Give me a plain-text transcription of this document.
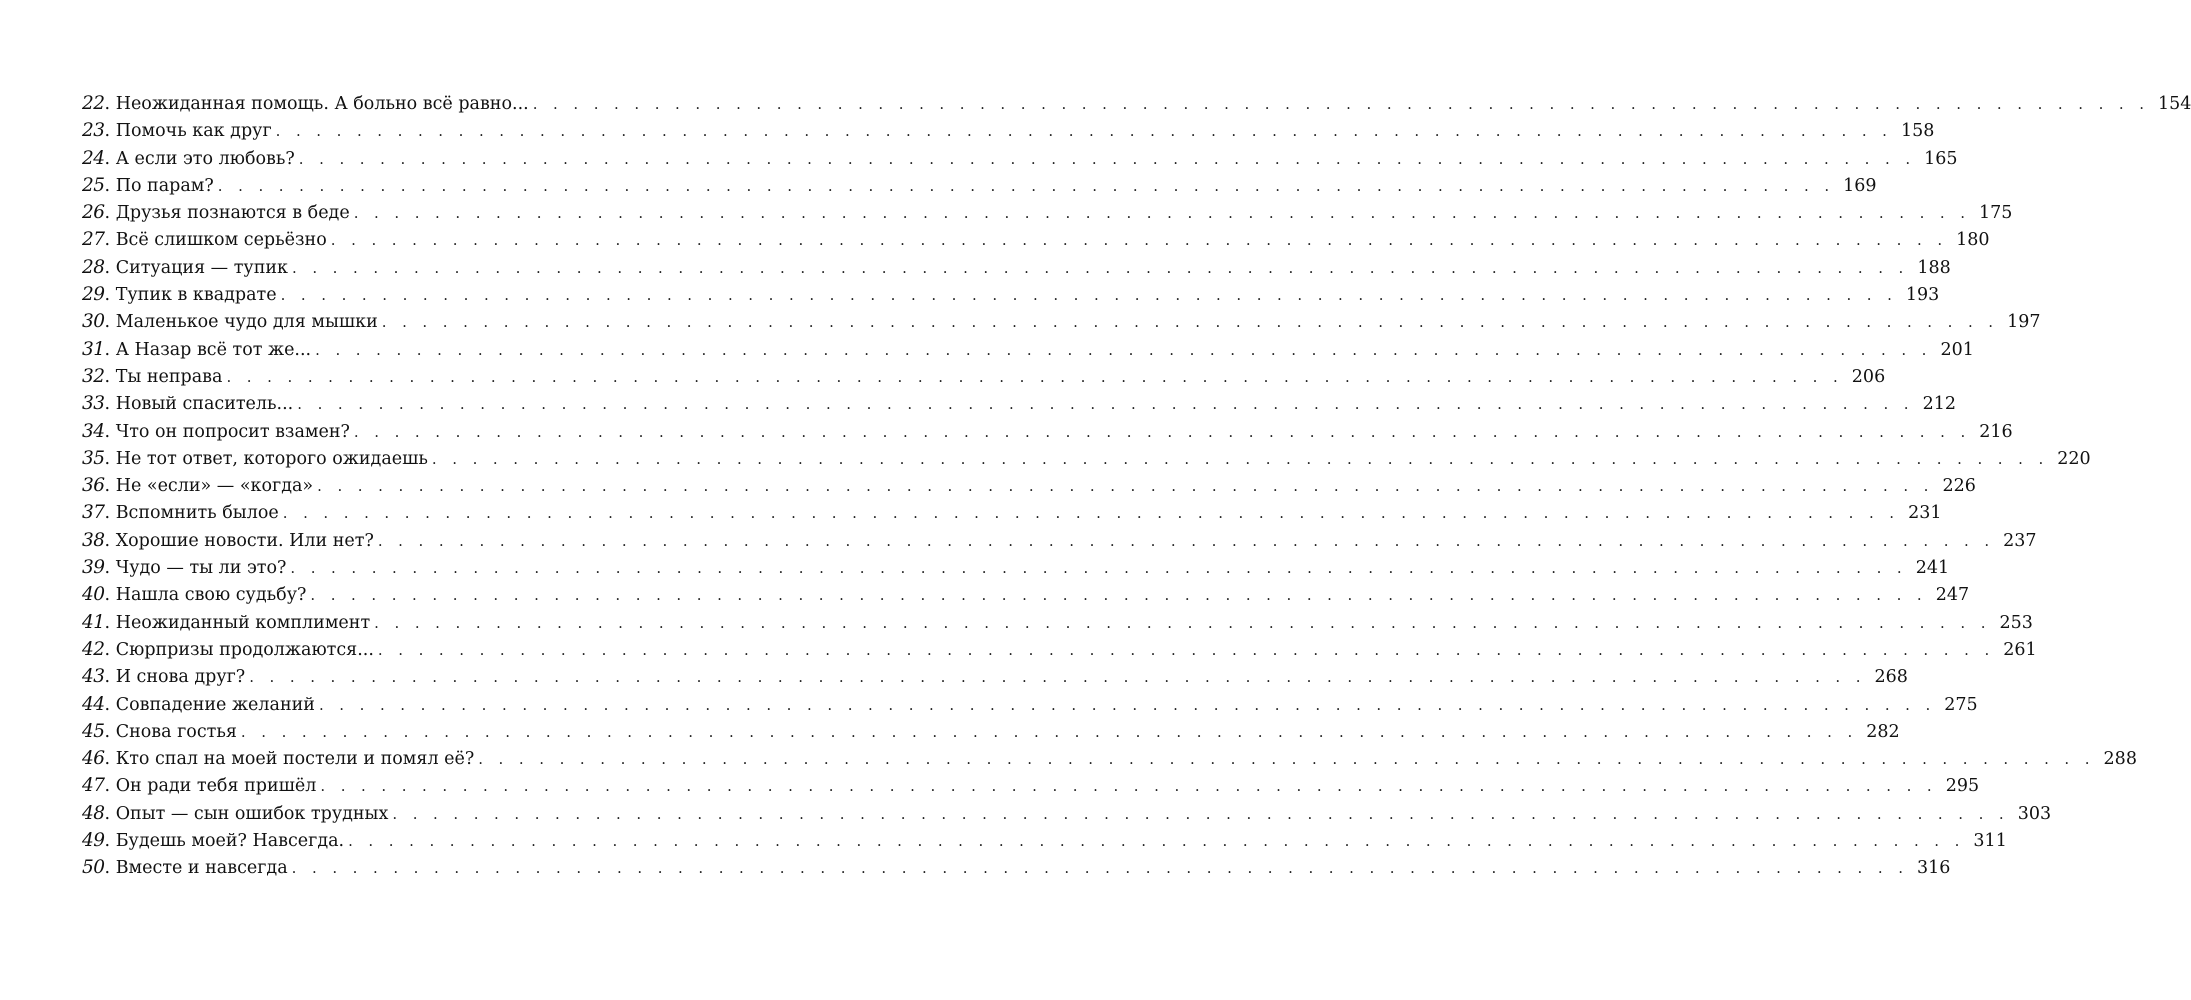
22 . Неожиданная помощь. А больно всё равно... . . . . . . . . . . . . . . . . . . . . . . . . . . . . . . . . . . . . . . . . . . . . . . . . . . . . . . . . . . . . . . . . . . . . . . . . . . . . . . . . 154
23 . Помочь как друг . . . . . . . . . . . . . . . . . . . . . . . . . . . . . . . . . . . . . . . . . . . . . . . . . . . . . . . . . . . . . . . . . . . . . . . . . . . . . . . . 158
24 . А если это любовь? . . . . . . . . . . . . . . . . . . . . . . . . . . . . . . . . . . . . . . . . . . . . . . . . . . . . . . . . . . . . . . . . . . . . . . . . . . . . . . . . 165
25 . По парам? . . . . . . . . . . . . . . . . . . . . . . . . . . . . . . . . . . . . . . . . . . . . . . . . . . . . . . . . . . . . . . . . . . . . . . . . . . . . . . . . 169
26 . Друзья познаются в беде . . . . . . . . . . . . . . . . . . . . . . . . . . . . . . . . . . . . . . . . . . . . . . . . . . . . . . . . . . . . . . . . . . . . . . . . . . . . . . . . 175
27 . Всё слишком серьёзно . . . . . . . . . . . . . . . . . . . . . . . . . . . . . . . . . . . . . . . . . . . . . . . . . . . . . . . . . . . . . . . . . . . . . . . . . . . . . . . . 180
28 . Ситуация — тупик . . . . . . . . . . . . . . . . . . . . . . . . . . . . . . . . . . . . . . . . . . . . . . . . . . . . . . . . . . . . . . . . . . . . . . . . . . . . . . . . 188
29 . Тупик в квадрате . . . . . . . . . . . . . . . . . . . . . . . . . . . . . . . . . . . . . . . . . . . . . . . . . . . . . . . . . . . . . . . . . . . . . . . . . . . . . . . . 193
30 . Маленькое чудо для мышки . . . . . . . . . . . . . . . . . . . . . . . . . . . . . . . . . . . . . . . . . . . . . . . . . . . . . . . . . . . . . . . . . . . . . . . . . . . . . . . . 197
31 . А Назар всё тот же... . . . . . . . . . . . . . . . . . . . . . . . . . . . . . . . . . . . . . . . . . . . . . . . . . . . . . . . . . . . . . . . . . . . . . . . . . . . . . . . . 201
32 . Ты неправа . . . . . . . . . . . . . . . . . . . . . . . . . . . . . . . . . . . . . . . . . . . . . . . . . . . . . . . . . . . . . . . . . . . . . . . . . . . . . . . . 206
33 . Новый спаситель... . . . . . . . . . . . . . . . . . . . . . . . . . . . . . . . . . . . . . . . . . . . . . . . . . . . . . . . . . . . . . . . . . . . . . . . . . . . . . . . . 212
34 . Что он попросит взамен? . . . . . . . . . . . . . . . . . . . . . . . . . . . . . . . . . . . . . . . . . . . . . . . . . . . . . . . . . . . . . . . . . . . . . . . . . . . . . . . . 216
35 . Не тот ответ, которого ожидаешь . . . . . . . . . . . . . . . . . . . . . . . . . . . . . . . . . . . . . . . . . . . . . . . . . . . . . . . . . . . . . . . . . . . . . . . . . . . . . . . . 220
36 . Не «если» — «когда» . . . . . . . . . . . . . . . . . . . . . . . . . . . . . . . . . . . . . . . . . . . . . . . . . . . . . . . . . . . . . . . . . . . . . . . . . . . . . . . . 226
37 . Вспомнить былое . . . . . . . . . . . . . . . . . . . . . . . . . . . . . . . . . . . . . . . . . . . . . . . . . . . . . . . . . . . . . . . . . . . . . . . . . . . . . . . . 231
38 . Хорошие новости. Или нет? . . . . . . . . . . . . . . . . . . . . . . . . . . . . . . . . . . . . . . . . . . . . . . . . . . . . . . . . . . . . . . . . . . . . . . . . . . . . . . . . 237
39 . Чудо — ты ли это? . . . . . . . . . . . . . . . . . . . . . . . . . . . . . . . . . . . . . . . . . . . . . . . . . . . . . . . . . . . . . . . . . . . . . . . . . . . . . . . . 241
40 . Нашла свою судьбу? . . . . . . . . . . . . . . . . . . . . . . . . . . . . . . . . . . . . . . . . . . . . . . . . . . . . . . . . . . . . . . . . . . . . . . . . . . . . . . . . 247
41 . Неожиданный комплимент . . . . . . . . . . . . . . . . . . . . . . . . . . . . . . . . . . . . . . . . . . . . . . . . . . . . . . . . . . . . . . . . . . . . . . . . . . . . . . . . 253
42 . Сюрпризы продолжаются... . . . . . . . . . . . . . . . . . . . . . . . . . . . . . . . . . . . . . . . . . . . . . . . . . . . . . . . . . . . . . . . . . . . . . . . . . . . . . . . . 261
43 . И снова друг? . . . . . . . . . . . . . . . . . . . . . . . . . . . . . . . . . . . . . . . . . . . . . . . . . . . . . . . . . . . . . . . . . . . . . . . . . . . . . . . . 268
44 . Совпадение желаний . . . . . . . . . . . . . . . . . . . . . . . . . . . . . . . . . . . . . . . . . . . . . . . . . . . . . . . . . . . . . . . . . . . . . . . . . . . . . . . . 275
45 . Снова гостья . . . . . . . . . . . . . . . . . . . . . . . . . . . . . . . . . . . . . . . . . . . . . . . . . . . . . . . . . . . . . . . . . . . . . . . . . . . . . . . . 282
46 . Кто спал на моей постели и помял её? . . . . . . . . . . . . . . . . . . . . . . . . . . . . . . . . . . . . . . . . . . . . . . . . . . . . . . . . . . . . . . . . . . . . . . . . . . . . . . . . 288
47 . Он ради тебя пришёл . . . . . . . . . . . . . . . . . . . . . . . . . . . . . . . . . . . . . . . . . . . . . . . . . . . . . . . . . . . . . . . . . . . . . . . . . . . . . . . . 295
48 . Опыт — сын ошибок трудных . . . . . . . . . . . . . . . . . . . . . . . . . . . . . . . . . . . . . . . . . . . . . . . . . . . . . . . . . . . . . . . . . . . . . . . . . . . . . . . . 303
49 . Будешь моей? Навсегда. . . . . . . . . . . . . . . . . . . . . . . . . . . . . . . . . . . . . . . . . . . . . . . . . . . . . . . . . . . . . . . . . . . . . . . . . . . . . . . . . 311
50 . Вместе и навсегда . . . . . . . . . . . . . . . . . . . . . . . . . . . . . . . . . . . . . . . . . . . . . . . . . . . . . . . . . . . . . . . . . . . . . . . . . . . . . . . . 316
